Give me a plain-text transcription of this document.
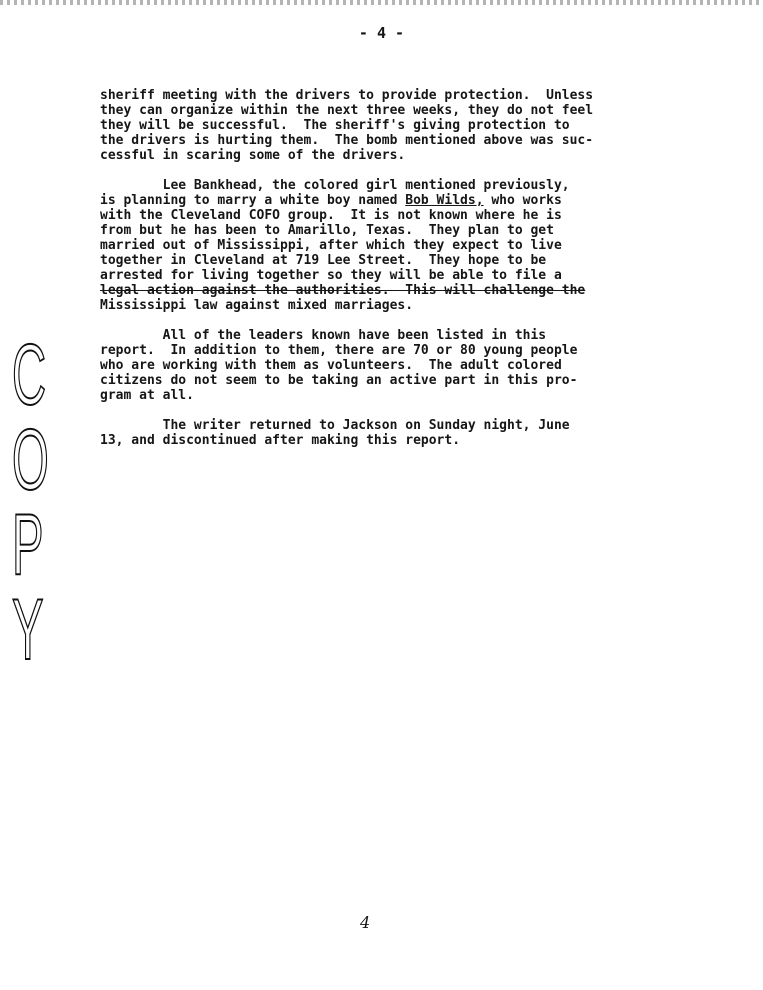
- 4 -
sheriff meeting with the drivers to provide protection.  Unless
they can organize within the next three weeks, they do not feel
they will be successful.  The sheriff's giving protection to
the drivers is hurting them.  The bomb mentioned above was suc-
cessful in scaring some of the drivers.
Lee Bankhead, the colored girl mentioned previously,
is planning to marry a white boy named Bob Wilds, who works
with the Cleveland COFO group.  It is not known where he is
from but he has been to Amarillo, Texas.  They plan to get
married out of Mississippi, after which they expect to live
together in Cleveland at 719 Lee Street.  They hope to be
arrested for living together so they will be able to file a
legal action against the authorities.  This will challenge the
Mississippi law against mixed marriages.
All of the leaders known have been listed in this
report.  In addition to them, there are 70 or 80 young people
who are working with them as volunteers.  The adult colored
citizens do not seem to be taking an active part in this pro-
gram at all.
The writer returned to Jackson on Sunday night, June
13, and discontinued after making this report.
C
O
P
Y
4
